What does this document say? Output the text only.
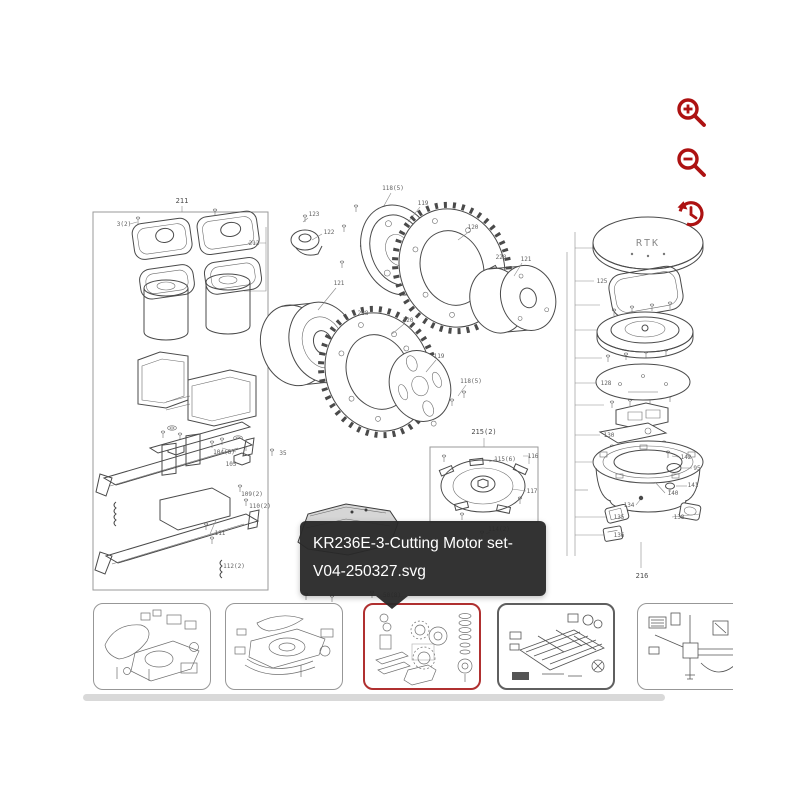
211
3(2)
212
104(6)
105
35
109(2)
110(2)
111
112(2)
123
122
118(5)
119
120
228 121
121
228
120
119
118(5)
215(2)
116
115(6)
117
125
128
130
142
95
141
140
134
135	138
136
216
RTK
KR236E-3-Cutting Motor set-
V04-250327.svg
